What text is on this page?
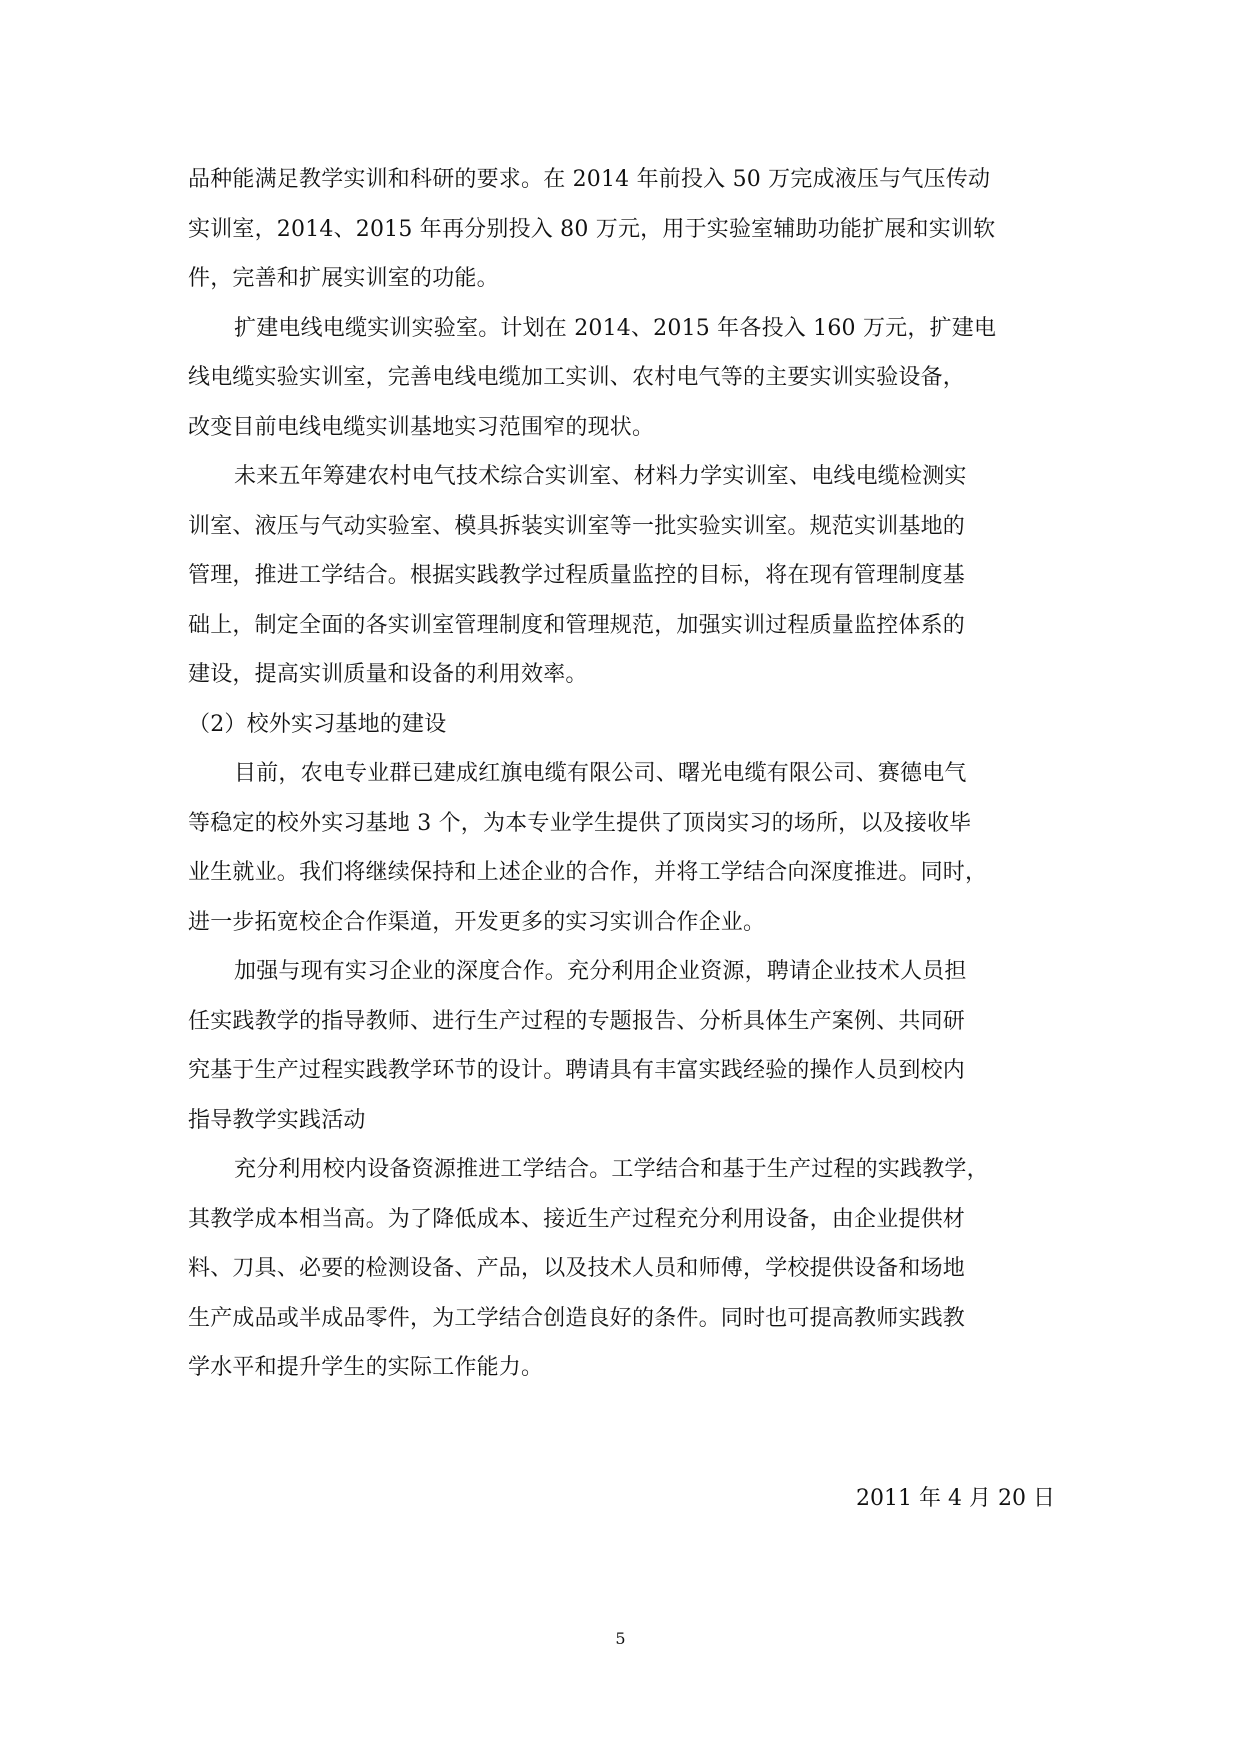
品种能满足教学实训和科研的要求。在 2014 年前投入 50 万完成液压与气压传动
实训室，2014、2015 年再分别投入 80 万元，用于实验室辅助功能扩展和实训软
件，完善和扩展实训室的功能。
扩建电线电缆实训实验室。计划在 2014、2015 年各投入 160 万元，扩建电
线电缆实验实训室，完善电线电缆加工实训、农村电气等的主要实训实验设备，
改变目前电线电缆实训基地实习范围窄的现状。
未来五年筹建农村电气技术综合实训室、材料力学实训室、电线电缆检测实
训室、液压与气动实验室、模具拆装实训室等一批实验实训室。规范实训基地的
管理，推进工学结合。根据实践教学过程质量监控的目标，将在现有管理制度基
础上，制定全面的各实训室管理制度和管理规范，加强实训过程质量监控体系的
建设，提高实训质量和设备的利用效率。
（2）校外实习基地的建设
目前，农电专业群已建成红旗电缆有限公司、曙光电缆有限公司、赛德电气
等稳定的校外实习基地 3 个，为本专业学生提供了顶岗实习的场所，以及接收毕
业生就业。我们将继续保持和上述企业的合作，并将工学结合向深度推进。同时，
进一步拓宽校企合作渠道，开发更多的实习实训合作企业。
加强与现有实习企业的深度合作。充分利用企业资源，聘请企业技术人员担
任实践教学的指导教师、进行生产过程的专题报告、分析具体生产案例、共同研
究基于生产过程实践教学环节的设计。聘请具有丰富实践经验的操作人员到校内
指导教学实践活动
充分利用校内设备资源推进工学结合。工学结合和基于生产过程的实践教学，
其教学成本相当高。为了降低成本、接近生产过程充分利用设备，由企业提供材
料、刀具、必要的检测设备、产品，以及技术人员和师傅，学校提供设备和场地
生产成品或半成品零件，为工学结合创造良好的条件。同时也可提高教师实践教
学水平和提升学生的实际工作能力。
2011 年 4 月 20 日
5
